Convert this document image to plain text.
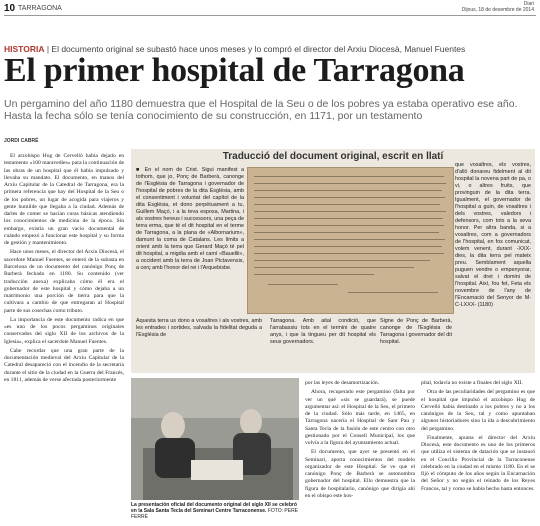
10 TARRAGONA
Diari
Dijous, 18 de desembre de 2014
HISTORIA | El documento original se subastó hace unos meses y lo compró el director del Arxiu Diocesà, Manuel Fuentes
El primer hospital de Tarragona
Un pergamino del año 1180 demuestra que el Hospital de la Seu o de los pobres ya estaba operativo ese año. Hasta la fecha sólo se tenía conocimiento de su construcción, en 1171, por un testamento
JORDI CABRÉ

El arzobispo Hug de Cervelló había dejado en testamento «100 maravedíes» para la continuación de las obras de un hospital que él había impulsado y llevaba su mandato. El documento, en manos del Arxiu Capitular de la Catedral de Tarragona, era la primera referencia que hay del Hospital de la Seu o de los pobres, un lugar de acogida para viajeros y gente humilde que llegaba a la ciudad. Además de darles de comer se hacían curas básicas atendiendo los conocimientos de medicina de la época. Sin embargo, existía un gran vacío documental de cuándo empezó a funcionar este hospital y su forma de gestión y mantenimiento.

Hace unos meses, el director del Arxiu Diocesà, el sacerdote Manuel Fuentes, se enteró de la subasta en Barcelona de un documento del canónigo Ponç de Barberà fechado en 1180. Su contenido (ver traducción anexa) explicaba cómo él era el gobernador de este hospital y cómo dejaba a un matrimonio una porción de tierra para que la cultivara a cambio de que entregaran al Hospital parte de sus cosechas como tributo.

La importancia de este documento radica en que «es uno de los pocos pergaminos originales conservados del siglo XII de los archivos de la Iglesia», explica el sacerdote Manuel Fuentes.

Cabe recordar que una gran parte de la documentación medieval del Arxiu Capitular de la Catedral desapareció con el incendio de la secretaría durante el sitio de la ciudad en la Guerra del Francés, en 1811, además de verse afectada posteriormente

Traducció del document original, escrit en llatí
■ En el nom de Crist. Sigui manifest a tothom, que jo, Ponç de Barberà, canonge de l'Església de Tarragona i governador de l'hospital de pobres de la dita Església, amb el consentiment i voluntat del capítol de la dita Església, et dono perpètuament a tu, Guillem Maçó, i a la teva esposa, Martina, i als vostres hereus i successors, una peça de terra erma, que té el dit hospital en el terme de Tarragona, a la plana de «Albornarium», damunt la coma de Catalans. Les límits a orient amb la terra que Gerard Maçó té pel dit hospital, a migdia amb el camí «Bauellii», a occident amb la terra de Joan Pictavensis, a cerç amb l'honor del rei i l'Arquebisbe.
que vosaltres, els vostres, d'allò donareu fidelment al dit hospital la novena part de pa, o vi, o altres fruits, que provinguin de la dita terra. Igualment, el governador de l'hospital a guin, de vosaltres i dels vostres, valedors i defensors, com tots a la seva honor. Per altra banda, si a vosaltres, com a governadors de l'hospital, en fos comunicat, volem venent, durant -XXX- dies, la dita terra pel mateix preu. Semblament aquella puguen vendre o empenyorar, salvat el dret i domini de l'hospital. Així, fou fet, Feta els novembre de l'any de l'Encarnació del Senyor de M-C-LXXX- (1180)
Aquesta terra us dono a vosaltres i als vostres, amb les entrades i sortides, salvada la fidelitat deguda a l'Església de
Tarragona. Amb aital condició, que l'arrabassiu tots en el termini de quatre anys, i que la tingueu per dit hospital els seus governadors.
Signe de Ponç de Barberà, canonge de l'Església de Tarragona i governador del dit hospital.
La presentación oficial del documento original del siglo XII se celebró en la Sala Santa Tecla del Seminari Centre Tarraconense. FOTO: PERE FERRÉ

por las leyes de desamortización.

Ahora, recuperado este pergamino (falta por ver un qué «sis se guardará), se puede argumentar así: el Hospital de la Seu, el primero de la ciudad. Sólo más tarde, en 1465, en Tarragona nacería el Hospital de Sant Pau y Santa Tecla de la fusión de este centro con otro gestionado por el Consell Municipal, los que volvía a la figura del ayuntamiento actual.

El documento, que ayer se presentó en el Seminari, aporta conocimientos del modelo organizador de este Hospital. Se ve que el canónigo Ponç de Barberà se autonombra gobernador del hospital. Ello demuestra que la figura de hospitalario, canónigo que dirigía ahí en el obispo este hos-

pital, todavía no existe a finales del siglo XII.

Otra de las peculiaridades del pergamino es que el hospital que impulsó el arzobispo Hug de Cervelló había destinado a los pobres y no a los canónigos de la Seu, tal y como apuntaban algunos historiadores sino la ida a descubrimiento del pergamino.

Finalmente, apunta el director del Arxiu Diocesà, este documento es uno de los primeros que utiliza el sistema de datación que se instauró en el Concilio Provincial de la Tarraconense celebrado en la ciudad en el mismo 1180. En el se fijó el cómputo de los años según la Encarnación del Señor y no según el reinado de los Reyes Francos, tal y como se había hecho hasta entonces.
